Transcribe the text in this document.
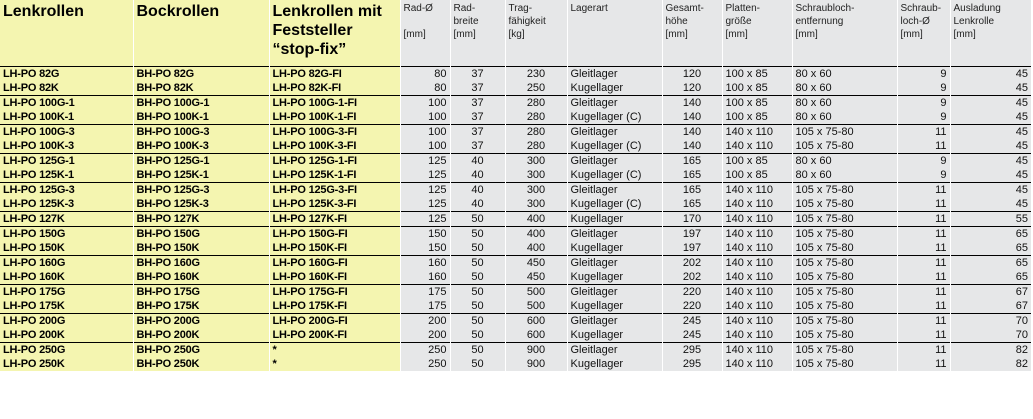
Lenkrollen	Bockrollen	Lenkrollen mit
Feststeller
“stop-fix”	Rad-Ø

[mm]	Rad-
breite
[mm]	Trag-
fähigkeit
[kg]	Lagerart	Gesamt-
höhe
[mm]	Platten-
größe
[mm]	Schraubloch-
entfernung
[mm]	Schraub-
loch-Ø
[mm]	Ausladung
Lenkrolle
[mm]

LH-PO 82G	BH-PO 82G	LH-PO 82G-FI	80	37	230	Gleitlager	120	100 x 85	80 x 60	9	45
LH-PO 82K	BH-PO 82K	LH-PO 82K-FI	80	37	250	Kugellager	120	100 x 85	80 x 60	9	45
LH-PO 100G-1	BH-PO 100G-1	LH-PO 100G-1-FI	100	37	280	Gleitlager	140	100 x 85	80 x 60	9	45
LH-PO 100K-1	BH-PO 100K-1	LH-PO 100K-1-FI	100	37	280	Kugellager (C)	140	100 x 85	80 x 60	9	45
LH-PO 100G-3	BH-PO 100G-3	LH-PO 100G-3-FI	100	37	280	Gleitlager	140	140 x 110	105 x 75-80	11	45
LH-PO 100K-3	BH-PO 100K-3	LH-PO 100K-3-FI	100	37	280	Kugellager (C)	140	140 x 110	105 x 75-80	11	45
LH-PO 125G-1	BH-PO 125G-1	LH-PO 125G-1-FI	125	40	300	Gleitlager	165	100 x 85	80 x 60	9	45
LH-PO 125K-1	BH-PO 125K-1	LH-PO 125K-1-FI	125	40	300	Kugellager (C)	165	100 x 85	80 x 60	9	45
LH-PO 125G-3	BH-PO 125G-3	LH-PO 125G-3-FI	125	40	300	Gleitlager	165	140 x 110	105 x 75-80	11	45
LH-PO 125K-3	BH-PO 125K-3	LH-PO 125K-3-FI	125	40	300	Kugellager (C)	165	140 x 110	105 x 75-80	11	45
LH-PO 127K	BH-PO 127K	LH-PO 127K-FI	125	50	400	Kugellager	170	140 x 110	105 x 75-80	11	55
LH-PO 150G	BH-PO 150G	LH-PO 150G-FI	150	50	400	Gleitlager	197	140 x 110	105 x 75-80	11	65
LH-PO 150K	BH-PO 150K	LH-PO 150K-FI	150	50	400	Kugellager	197	140 x 110	105 x 75-80	11	65
LH-PO 160G	BH-PO 160G	LH-PO 160G-FI	160	50	450	Gleitlager	202	140 x 110	105 x 75-80	11	65
LH-PO 160K	BH-PO 160K	LH-PO 160K-FI	160	50	450	Kugellager	202	140 x 110	105 x 75-80	11	65
LH-PO 175G	BH-PO 175G	LH-PO 175G-FI	175	50	500	Gleitlager	220	140 x 110	105 x 75-80	11	67
LH-PO 175K	BH-PO 175K	LH-PO 175K-FI	175	50	500	Kugellager	220	140 x 110	105 x 75-80	11	67
LH-PO 200G	BH-PO 200G	LH-PO 200G-FI	200	50	600	Gleitlager	245	140 x 110	105 x 75-80	11	70
LH-PO 200K	BH-PO 200K	LH-PO 200K-FI	200	50	600	Kugellager	245	140 x 110	105 x 75-80	11	70
LH-PO 250G	BH-PO 250G	*	250	50	900	Gleitlager	295	140 x 110	105 x 75-80	11	82
LH-PO 250K	BH-PO 250K	*	250	50	900	Kugellager	295	140 x 110	105 x 75-80	11	82
